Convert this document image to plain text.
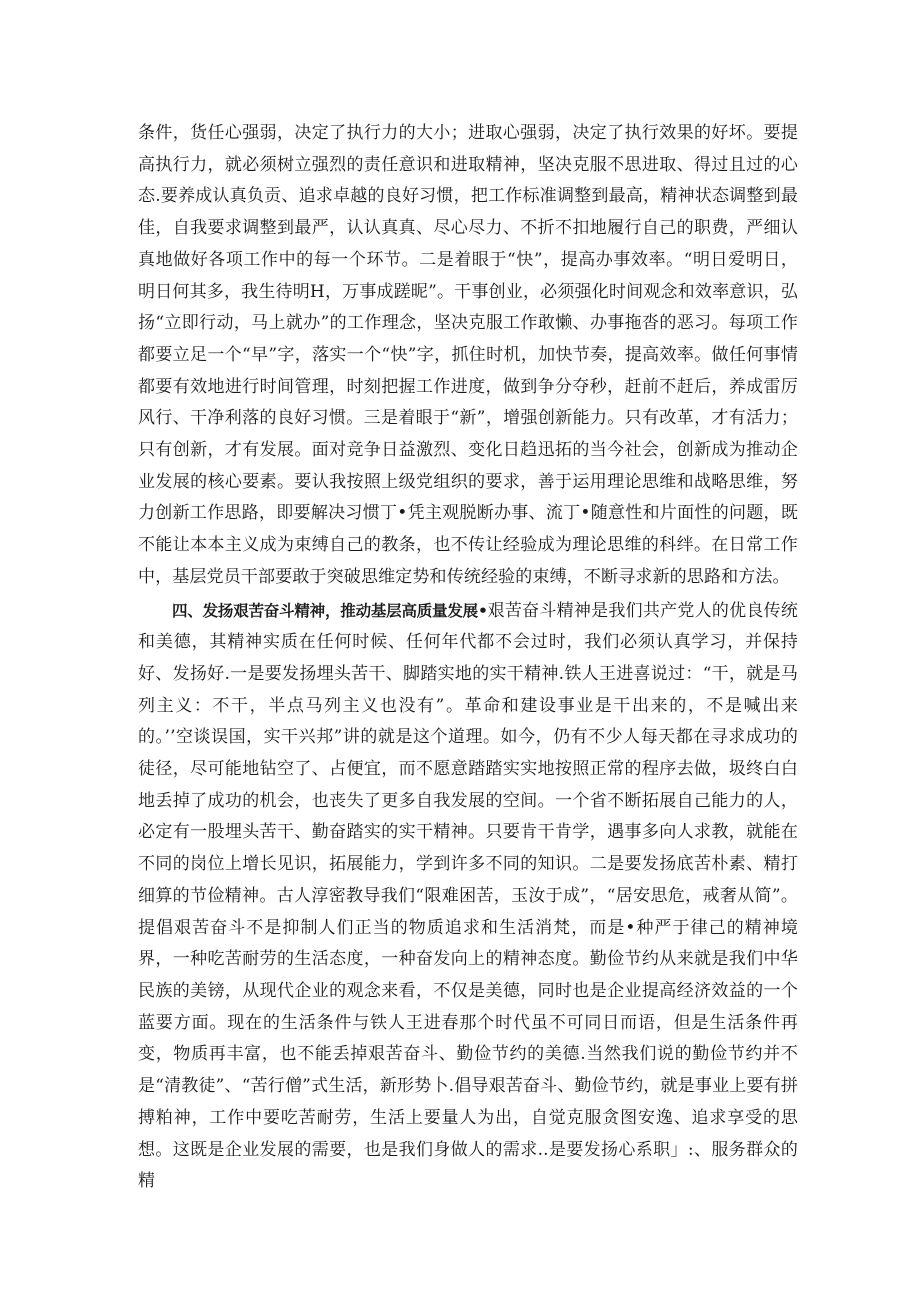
条件，货任心强弱，决定了执行力的大小；进取心强弱，决定了执行效果的好坏。要提高执行力，就必须树立强烈的责任意识和进取精神，坚决克服不思进取、得过且过的心态.要养成认真负贡、追求卓越的良好习惯，把工作标准调整到最高，精神状态调整到最佳，自我要求调整到最严，认认真真、尽心尽力、不折不扣地履行自己的职费，严细认真地做好各项工作中的每一个环节。二是着眼于“快”，提高办事效率。“明日爱明日，明日何其多，我生待明H，万事成蹉昵”。干事创业，必须强化时间观念和效率意识，弘扬“立即行动，马上就办”的工作理念，坚决克服工作敢懒、办事拖沓的恶习。每项工作都要立足一个“早”字，落实一个“快”字，抓住时机，加快节奏，提高效率。做任何事情都要有效地进行时间管理，时刻把握工作进度，做到争分夺秒，赶前不赶后，养成雷厉风行、干净利落的良好习惯。三是着眼于“新”，增强创新能力。只有改革，才有活力；只有创新，才有发展。面对竞争日益激烈、变化日趋迅拓的当今社会，创新成为推动企业发展的核心要素。要认我按照上级党组织的要求，善于运用理论思维和战略思维，努力创新工作思路，即要解决习惯丁•凭主观脱断办事、流丁•随意性和片面性的问题，既不能让本本主义成为束缚自己的教条，也不传让经验成为理论思维的科绊。在日常工作中，基层党员干部要敢于突破思维定势和传统经验的束缚，不断寻求新的思路和方法。

四、发扬艰苦奋斗精神，推动基层高质量发展•艰苦奋斗精神是我们共产党人的优良传统和美德，其精神实质在任何时候、任何年代都不会过时，我们必须认真学习，并保持好、发扬好.一是要发扬埋头苦干、脚踏实地的实干精神.铁人王进喜说过：“干，就是马列主义：不干，半点马列主义也没有”。革命和建设事业是干出来的，不是喊出来的。’’空谈误国，实干兴邦”讲的就是这个道理。如今，仍有不少人每天都在寻求成功的徒径，尽可能地钻空了、占便宜，而不愿意踏踏实实地按照正常的程序去做，圾终白白地丢掉了成功的机会，也丧失了更多自我发展的空间。一个省不断拓展自己能力的人，必定有一股埋头苦干、勤奋踏实的实干精神。只要肯干肯学，遇事多向人求教，就能在不同的岗位上增长见识，拓展能力，学到许多不同的知识。二是要发扬底苦朴素、精打细算的节俭精神。古人淳密教导我们“限难困苦，玉汝于成”，“居安思危，戒奢从简”。提倡艰苦奋斗不是抑制人们正当的物质追求和生活消梵，而是•种严于律己的精神境界，一种吃苦耐劳的生活态度，一种奋发向上的精神态度。勤俭节约从来就是我们中华民族的美镑，从现代企业的观念来看，不仅是美德，同时也是企业提高经济效益的一个蓝要方面。现在的生活条件与铁人王进春那个时代虽不可同日而语，但是生活条件再变，物质再丰富，也不能丢掉艰苦奋斗、勤俭节约的美德.当然我们说的勤俭节约并不是“清教徒”、“苦行僧”式生活，新形势卜.倡导艰苦奋斗、勤俭节约，就是事业上要有拼搏粕神，工作中要吃苦耐劳，生活上要量人为出，自觉克服贪图安逸、追求享受的思想。这既是企业发展的需要，也是我们身做人的需求..是要发扬心系职」:、服务群众的精
